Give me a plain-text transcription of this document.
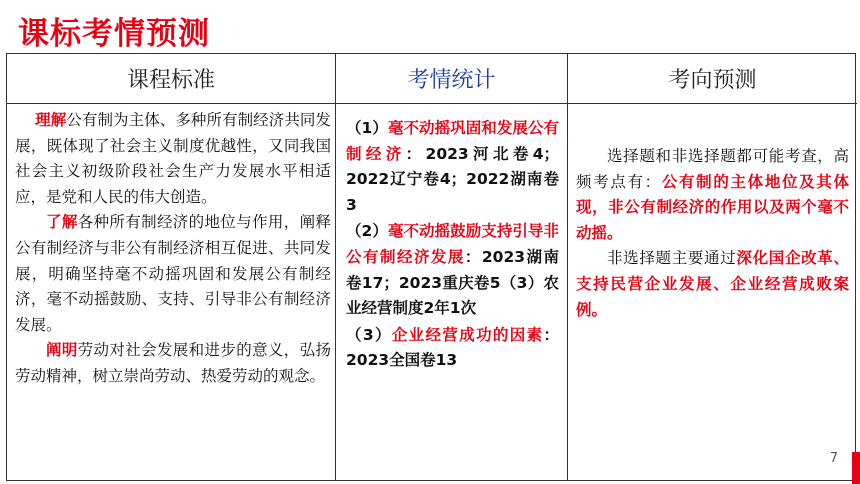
课标考情预测
课程标准	考情统计	考向预测

理解公有制为主体、多种所有制经济共同发展，既体现了社会主义制度优越性，又同我国社会主义初级阶段社会生产力发展水平相适应，是党和人民的伟大创造。

了解各种所有制经济的地位与作用，阐释公有制经济与非公有制经济相互促进、共同发展，明确坚持毫不动摇巩固和发展公有制经济，毫不动摇鼓励、支持、引导非公有制经济发展。

阐明劳动对社会发展和进步的意义，弘扬劳动精神，树立崇尚劳动、热爱劳动的观念。

（1）毫不动摇巩固和发展公有制经济：2023河北卷4；2022辽宁卷4；2022湖南卷3

（2）毫不动摇鼓励支持引导非公有制经济发展：2023湖南卷17；2023重庆卷5（3）农业经营制度2年1次

（3）企业经营成功的因素：2023全国卷13

选择题和非选择题都可能考查，高频考点有：公有制的主体地位及其体现，非公有制经济的作用以及两个毫不动摇。

非选择题主要通过深化国企改革、支持民营企业发展、企业经营成败案例。

7
